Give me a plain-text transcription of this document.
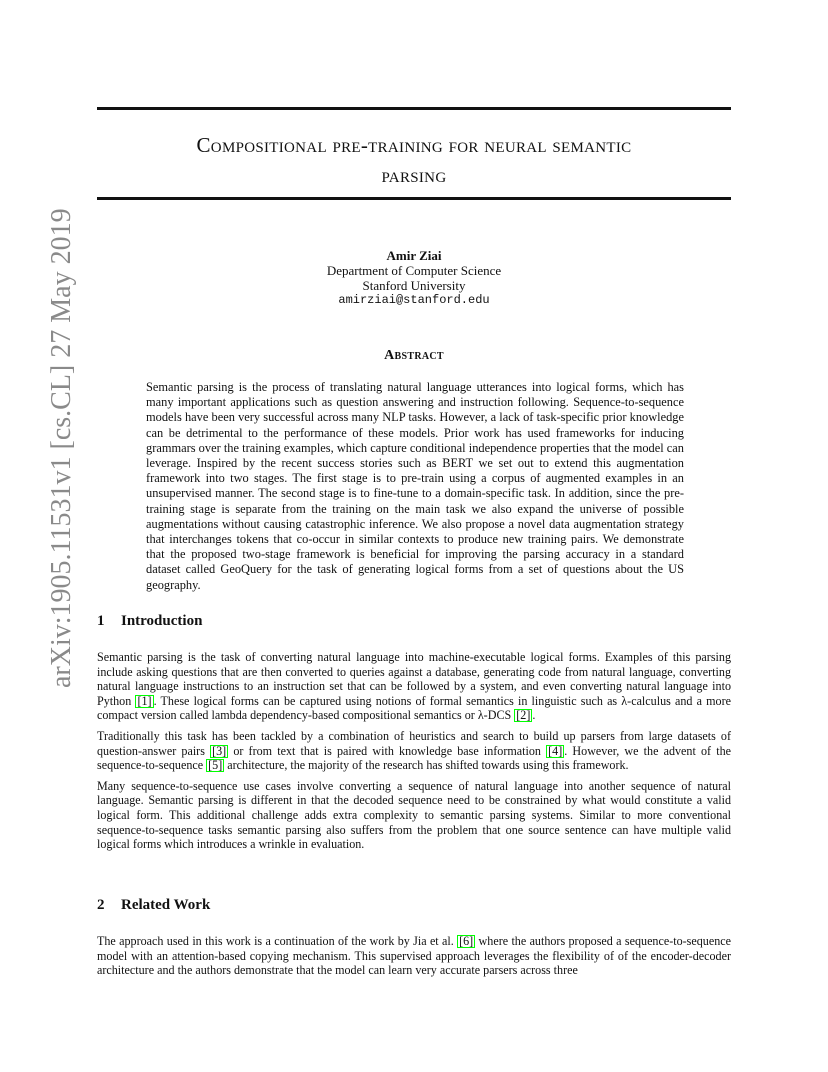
arXiv:1905.11531v1 [cs.CL] 27 May 2019
Compositional pre-training for neural semantic
parsing
Amir Ziai
Department of Computer Science
Stanford University
amirziai@stanford.edu
Abstract
Semantic parsing is the process of translating natural language utterances into logical forms, which has many important applications such as question answering and instruction following. Sequence-to-sequence models have been very successful across many NLP tasks. However, a lack of task-specific prior knowledge can be detrimental to the performance of these models. Prior work has used frameworks for inducing grammars over the training examples, which capture conditional independence properties that the model can leverage. Inspired by the recent success stories such as BERT we set out to extend this augmentation framework into two stages. The first stage is to pre-train using a corpus of augmented examples in an unsupervised manner. The second stage is to fine-tune to a domain-specific task. In addition, since the pre-training stage is separate from the training on the main task we also expand the universe of possible augmentations without causing catastrophic inference. We also propose a novel data augmentation strategy that interchanges tokens that co-occur in similar contexts to produce new training pairs. We demonstrate that the proposed two-stage framework is beneficial for improving the parsing accuracy in a standard dataset called GeoQuery for the task of generating logical forms from a set of questions about the US geography.
1 Introduction

Semantic parsing is the task of converting natural language into machine-executable logical forms. Examples of this parsing include asking questions that are then converted to queries against a database, generating code from natural language, converting natural language instructions to an instruction set that can be followed by a system, and even converting natural language into Python [1] . These logical forms can be captured using notions of formal semantics in linguistic such as λ-calculus and a more compact version called lambda dependency-based compositional semantics or λ-DCS [2] .

Traditionally this task has been tackled by a combination of heuristics and search to build up parsers from large datasets of question-answer pairs [3] or from text that is paired with knowledge base information [4] . However, we the advent of the sequence-to-sequence [5] architecture, the majority of the research has shifted towards using this framework.

Many sequence-to-sequence use cases involve converting a sequence of natural language into another sequence of natural language. Semantic parsing is different in that the decoded sequence need to be constrained by what would constitute a valid logical form. This additional challenge adds extra complexity to semantic parsing systems. Similar to more conventional sequence-to-sequence tasks semantic parsing also suffers from the problem that one source sentence can have multiple valid logical forms which introduces a wrinkle in evaluation.

2 Related Work

The approach used in this work is a continuation of the work by Jia et al. [6] where the authors proposed a sequence-to-sequence model with an attention-based copying mechanism. This supervised approach leverages the flexibility of of the encoder-decoder architecture and the authors demonstrate that the model can learn very accurate parsers across three
